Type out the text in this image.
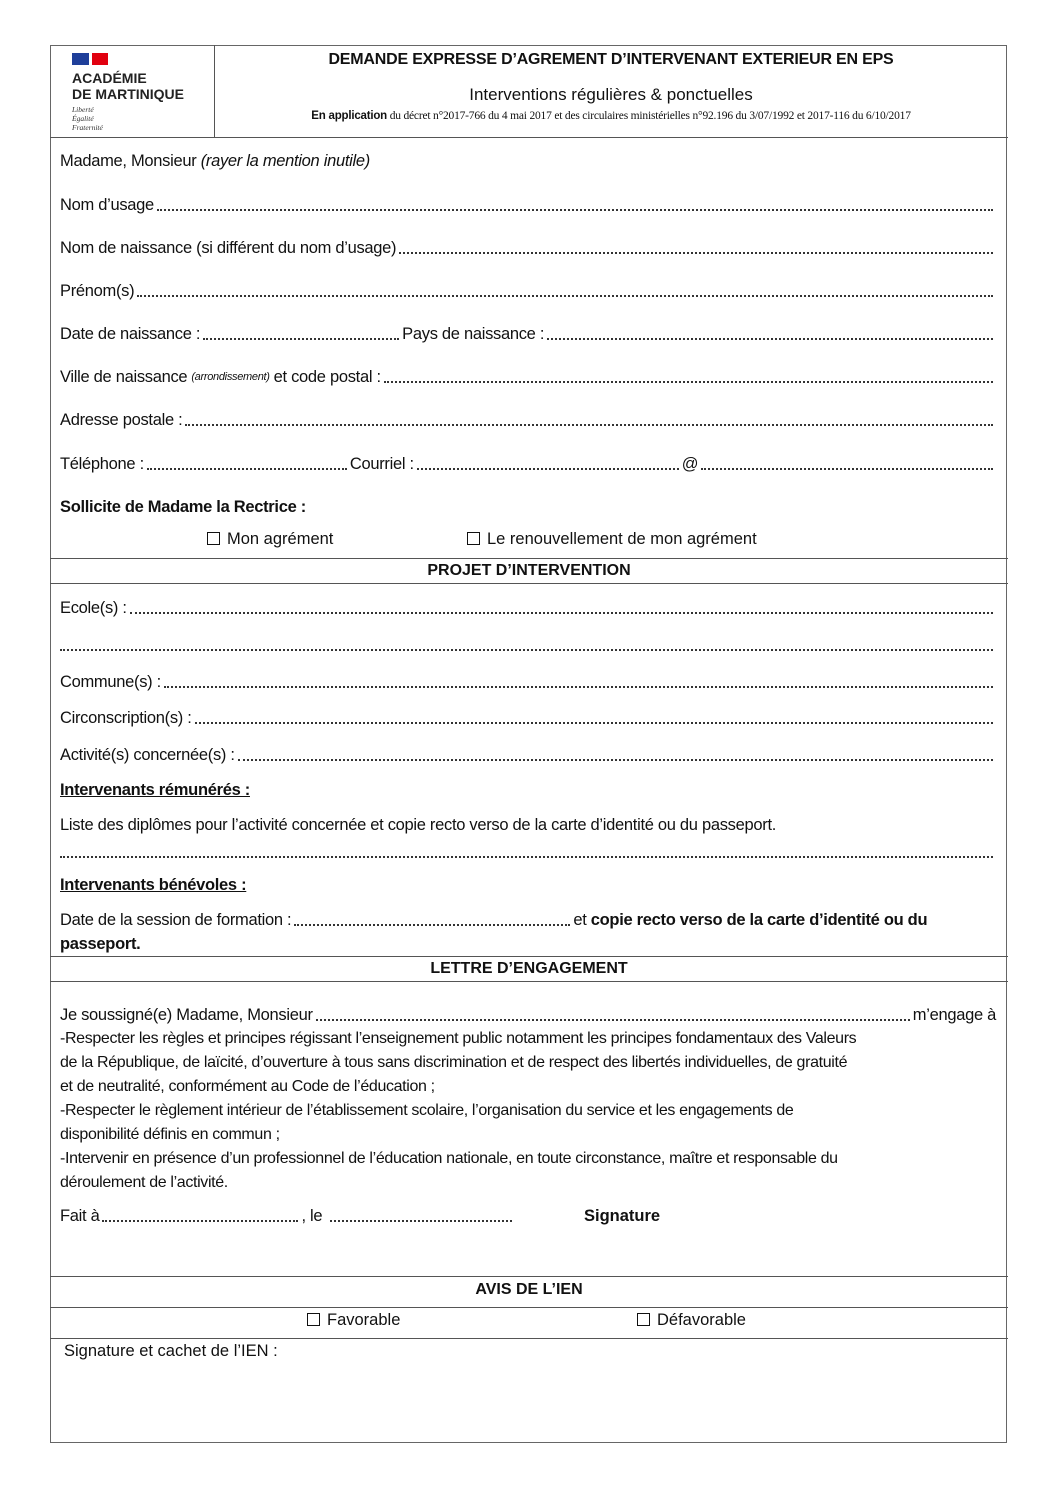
ACADÉMIE
DE MARTINIQUE
Liberté
Égalité
Fraternité
DEMANDE EXPRESSE D’AGREMENT D’INTERVENANT EXTERIEUR EN EPS
Interventions régulières & ponctuelles
En application du décret n°2017-766 du 4 mai 2017 et des circulaires ministérielles n°92.196 du 3/07/1992 et 2017-116 du 6/10/2017
Madame, Monsieur (rayer la mention inutile)
Nom d’usage
Nom de naissance (si différent du nom d’usage)
Prénom(s)
Date de naissance :	Pays de naissance :
Ville de naissance (arrondissement) et code postal :
Adresse postale :
Téléphone :	Courriel :	@
Sollicite de Madame la Rectrice :
Mon agrément	Le renouvellement de mon agrément
PROJET D’INTERVENTION
Ecole(s) :
Commune(s) :
Circonscription(s) :
Activité(s) concernée(s) :
Intervenants rémunérés :
Liste des diplômes pour l’activité concernée et copie recto verso de la carte d’identité ou du passeport.
Intervenants bénévoles :
Date de la session de formation :	et copie recto verso de la carte d’identité ou du
passeport.
LETTRE D’ENGAGEMENT
Je soussigné(e) Madame, Monsieur	m’engage à
-Respecter les règles et principes régissant l’enseignement public notamment les principes fondamentaux des Valeurs
de la République, de laïcité, d’ouverture à tous sans discrimination et de respect des libertés individuelles, de gratuité
et de neutralité, conformément au Code de l’éducation ;
-Respecter le règlement intérieur de l’établissement scolaire, l’organisation du service et les engagements de
disponibilité définis en commun ;
-Intervenir en présence d’un professionnel de l’éducation nationale, en toute circonstance, maître et responsable du
déroulement de l’activité.
Fait à	, le	Signature
AVIS DE L’IEN
Favorable	Défavorable
Signature et cachet de l’IEN :
